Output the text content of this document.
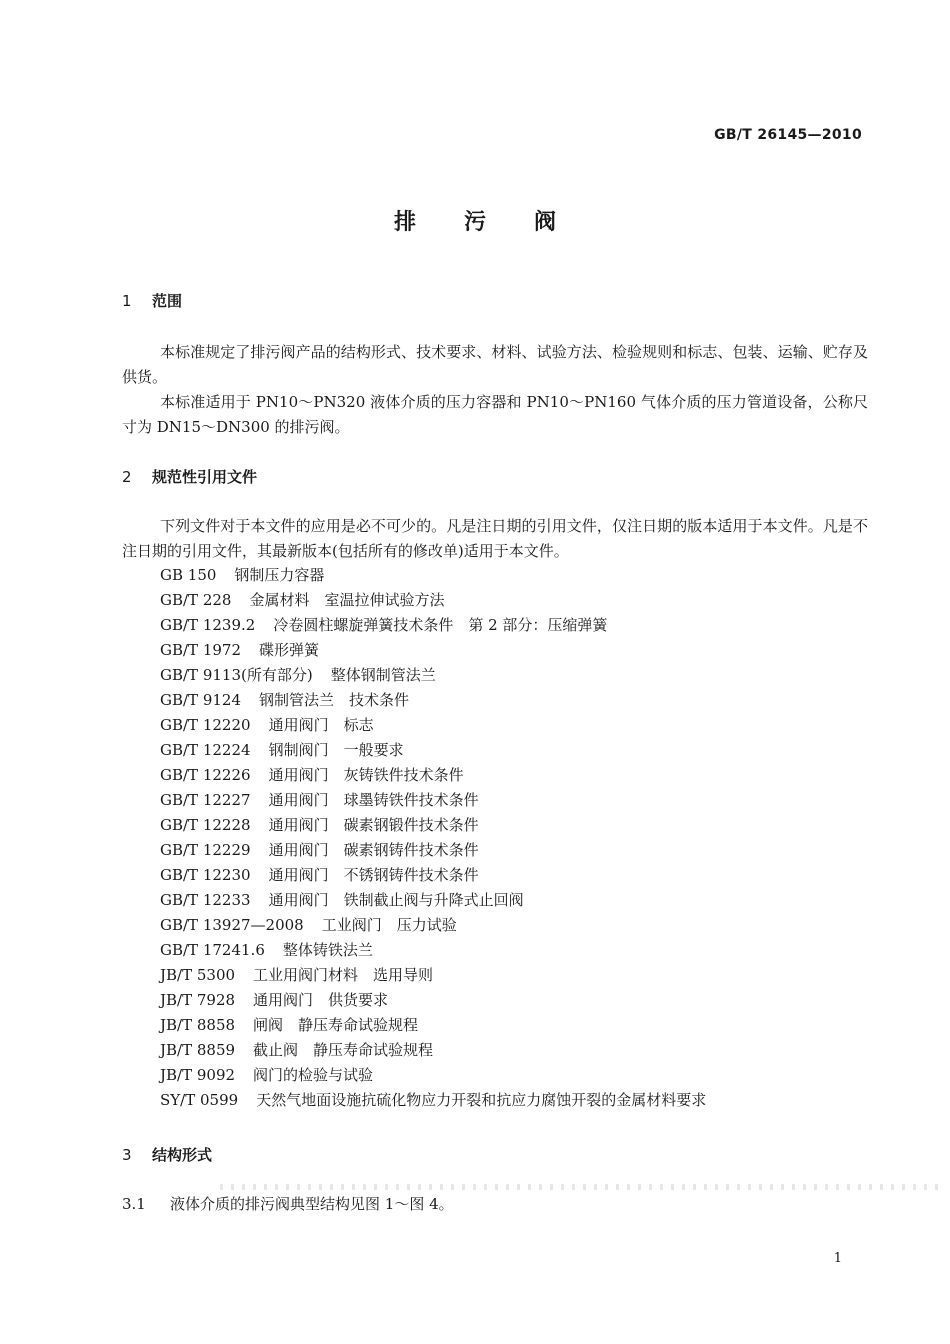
GB/T 26145—2010
排污阀
1 范围

本标准规定了排污阀产品的结构形式、技术要求、材料、试验方法、检验规则和标志、包装、运输、贮存及供货。

本标准适用于 PN10～PN320 液体介质的压力容器和 PN10～PN160 气体介质的压力管道设备，公称尺寸为 DN15～DN300 的排污阀。

2 规范性引用文件

下列文件对于本文件的应用是必不可少的。凡是注日期的引用文件，仅注日期的版本适用于本文件。凡是不注日期的引用文件，其最新版本(包括所有的修改单)适用于本文件。

GB 150 钢制压力容器
GB/T 228 金属材料　室温拉伸试验方法
GB/T 1239.2 冷卷圆柱螺旋弹簧技术条件　第 2 部分：压缩弹簧
GB/T 1972 碟形弹簧
GB/T 9113(所有部分) 整体钢制管法兰
GB/T 9124 钢制管法兰　技术条件
GB/T 12220 通用阀门　标志
GB/T 12224 钢制阀门　一般要求
GB/T 12226 通用阀门　灰铸铁件技术条件
GB/T 12227 通用阀门　球墨铸铁件技术条件
GB/T 12228 通用阀门　碳素钢锻件技术条件
GB/T 12229 通用阀门　碳素钢铸件技术条件
GB/T 12230 通用阀门　不锈钢铸件技术条件
GB/T 12233 通用阀门　铁制截止阀与升降式止回阀
GB/T 13927—2008 工业阀门　压力试验
GB/T 17241.6 整体铸铁法兰
JB/T 5300 工业用阀门材料　选用导则
JB/T 7928 通用阀门　供货要求
JB/T 8858 闸阀　静压寿命试验规程
JB/T 8859 截止阀　静压寿命试验规程
JB/T 9092 阀门的检验与试验
SY/T 0599 天然气地面设施抗硫化物应力开裂和抗应力腐蚀开裂的金属材料要求
3 结构形式
3.1 液体介质的排污阀典型结构见图 1～图 4。
1
